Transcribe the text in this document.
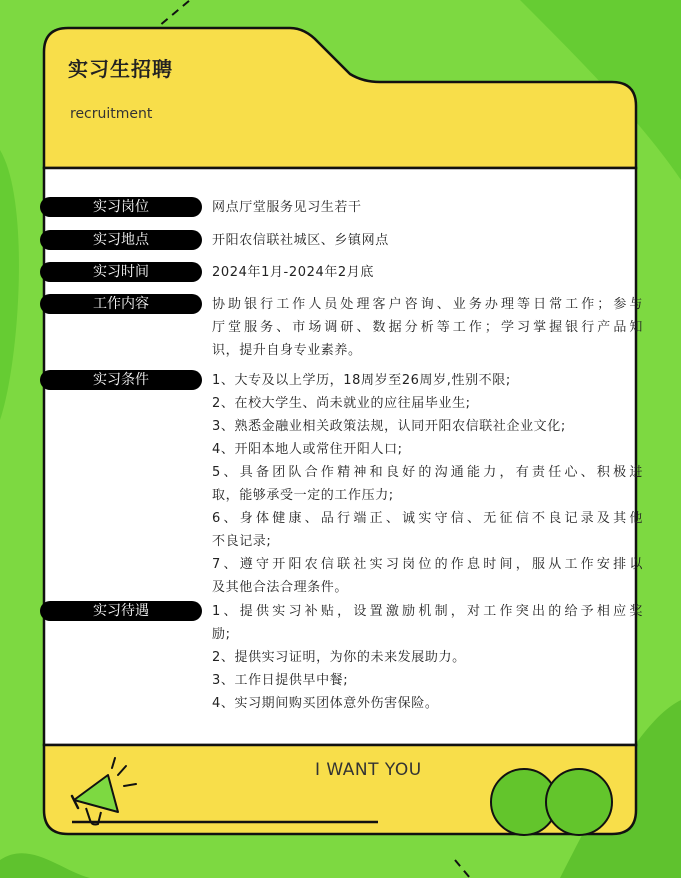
实习生招聘
recruitment
实习岗位	网点厅堂服务见习生若干
实习地点	开阳农信联社城区、乡镇网点
实习时间	2024年1月-2024年2月底
工作内容	协助银行工作人员处理客户咨询、业务办理等日常工作；参与
厅堂服务、市场调研、数据分析等工作；学习掌握银行产品知
识，提升自身专业素养。
实习条件	1、大专及以上学历，18周岁至26周岁,性别不限;
2、在校大学生、尚未就业的应往届毕业生;
3、熟悉金融业相关政策法规，认同开阳农信联社企业文化;
4、开阳本地人或常住开阳人口;
5、具备团队合作精神和良好的沟通能力，有责任心、积极进
取，能够承受一定的工作压力;
6、身体健康、品行端正、诚实守信、无征信不良记录及其他
不良记录;
7、遵守开阳农信联社实习岗位的作息时间，服从工作安排以
及其他合法合理条件。
实习待遇	1、提供实习补贴，设置激励机制，对工作突出的给予相应奖
励;
2、提供实习证明，为你的未来发展助力。
3、工作日提供早中餐;
4、实习期间购买团体意外伤害保险。
I WANT YOU
